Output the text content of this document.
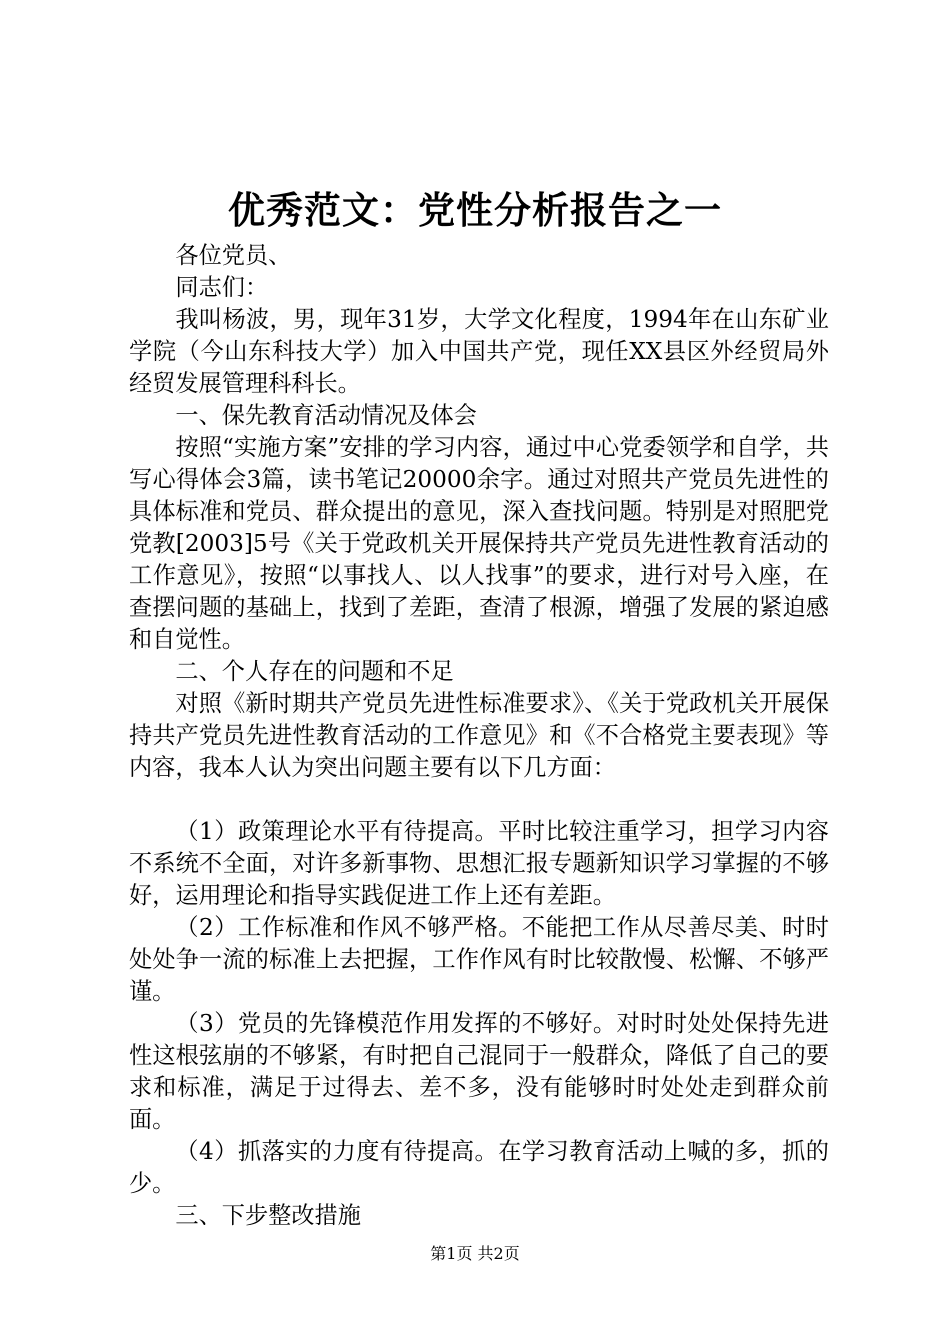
优秀范文：党性分析报告之一

各位党员、

同志们：

我叫杨波，男，现年31岁，大学文化程度，1994年在山东矿业学院（今山东科技大学）加入中国共产党，现任XX县区外经贸局外经贸发展管理科科长。

一、保先教育活动情况及体会

按照“实施方案”安排的学习内容，通过中心党委领学和自学，共写心得体会3篇，读书笔记20000余字。通过对照共产党员先进性的具体标准和党员、群众提出的意见，深入查找问题。特别是对照肥党党教[2003]5号《关于党政机关开展保持共产党员先进性教育活动的工作意见》，按照“以事找人、以人找事”的要求，进行对号入座，在查摆问题的基础上，找到了差距，查清了根源，增强了发展的紧迫感和自觉性。

二、个人存在的问题和不足

对照《新时期共产党员先进性标准要求》、《关于党政机关开展保持共产党员先进性教育活动的工作意见》和《不合格党主要表现》等内容，我本人认为突出问题主要有以下几方面：

（1）政策理论水平有待提高。平时比较注重学习，担学习内容不系统不全面，对许多新事物、思想汇报专题新知识学习掌握的不够好，运用理论和指导实践促进工作上还有差距。

（2）工作标准和作风不够严格。不能把工作从尽善尽美、时时处处争一流的标准上去把握，工作作风有时比较散慢、松懈、不够严谨。

（3）党员的先锋模范作用发挥的不够好。对时时处处保持先进性这根弦崩的不够紧，有时把自己混同于一般群众，降低了自己的要求和标准，满足于过得去、差不多，没有能够时时处处走到群众前面。

（4）抓落实的力度有待提高。在学习教育活动上喊的多，抓的少。

三、下步整改措施

第1页 共2页
